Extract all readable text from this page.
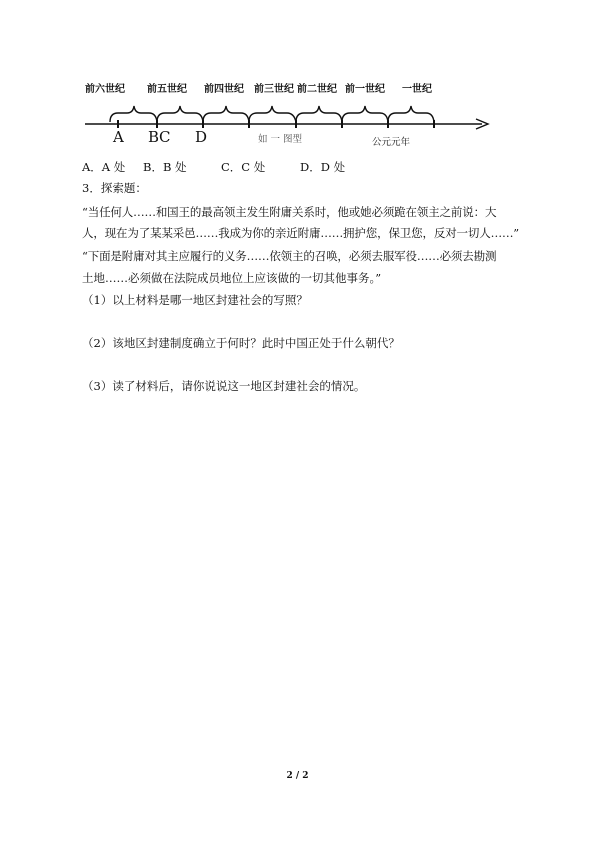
前六世纪 前五世纪 前四世纪 前三世纪 前二世纪 前一世纪 一世纪
A B C D	如 一 图型	公元元年
A．A 处 B．B 处	C．C 处	D．D 处
3．探索题：
“当任何人……和国王的最高领主发生附庸关系时，他或她必须跪在领主之前说：大
人，现在为了某某采邑……我成为你的亲近附庸……拥护您，保卫您，反对一切人……”
“下面是附庸对其主应履行的义务……依领主的召唤，必须去服军役……必须去勘测
土地……必须做在法院成员地位上应该做的一切其他事务。”
（1）以上材料是哪一地区封建社会的写照？
（2）该地区封建制度确立于何时？此时中国正处于什么朝代？
（3）读了材料后，请你说说这一地区封建社会的情况。
2 / 2
